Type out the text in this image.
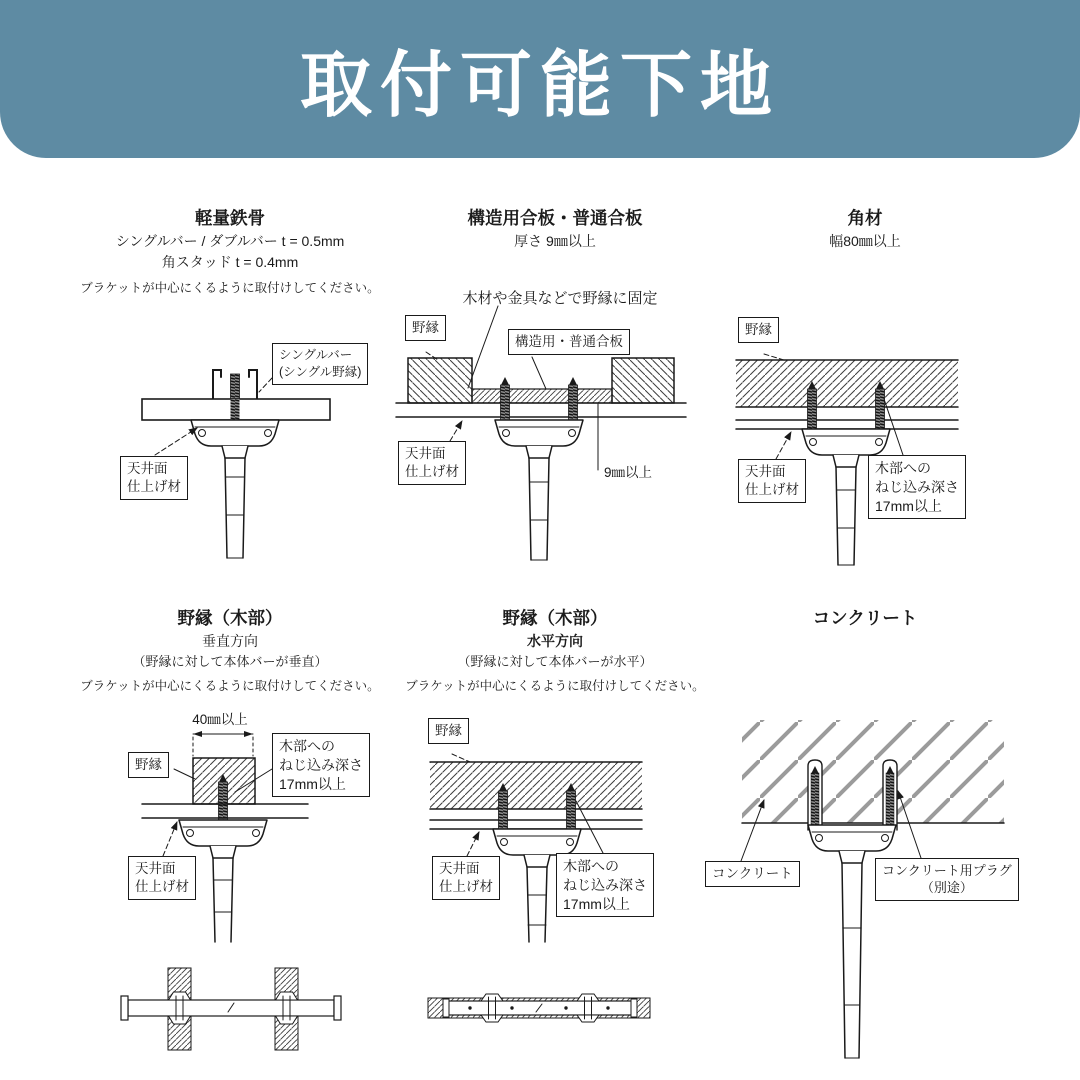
取付可能下地
軽量鉄骨
シングルバー / ダブルバー t = 0.5mm
角スタッド t = 0.4mm
ブラケットが中心にくるように取付けしてください。
構造用合板・普通合板
厚さ 9㎜以上
木材や金具などで野縁に固定
角材
幅80㎜以上
野縁（木部）
垂直方向
（野縁に対して本体バーが垂直）
ブラケットが中心にくるように取付けしてください。
野縁（木部）
水平方向
（野縁に対して本体バーが水平）
ブラケットが中心にくるように取付けしてください。
コンクリート
シングルバー
(シングル野縁)
天井面
仕上げ材
野縁
構造用・普通合板
天井面
仕上げ材	9㎜以上
野縁
天井面
仕上げ材
木部への
ねじ込み深さ
17mm以上
40㎜以上
野縁
木部への
ねじ込み深さ
17mm以上
天井面
仕上げ材
野縁
天井面
仕上げ材
木部への
ねじ込み深さ
17mm以上
コンクリート	コンクリート用プラグ
（別途）
